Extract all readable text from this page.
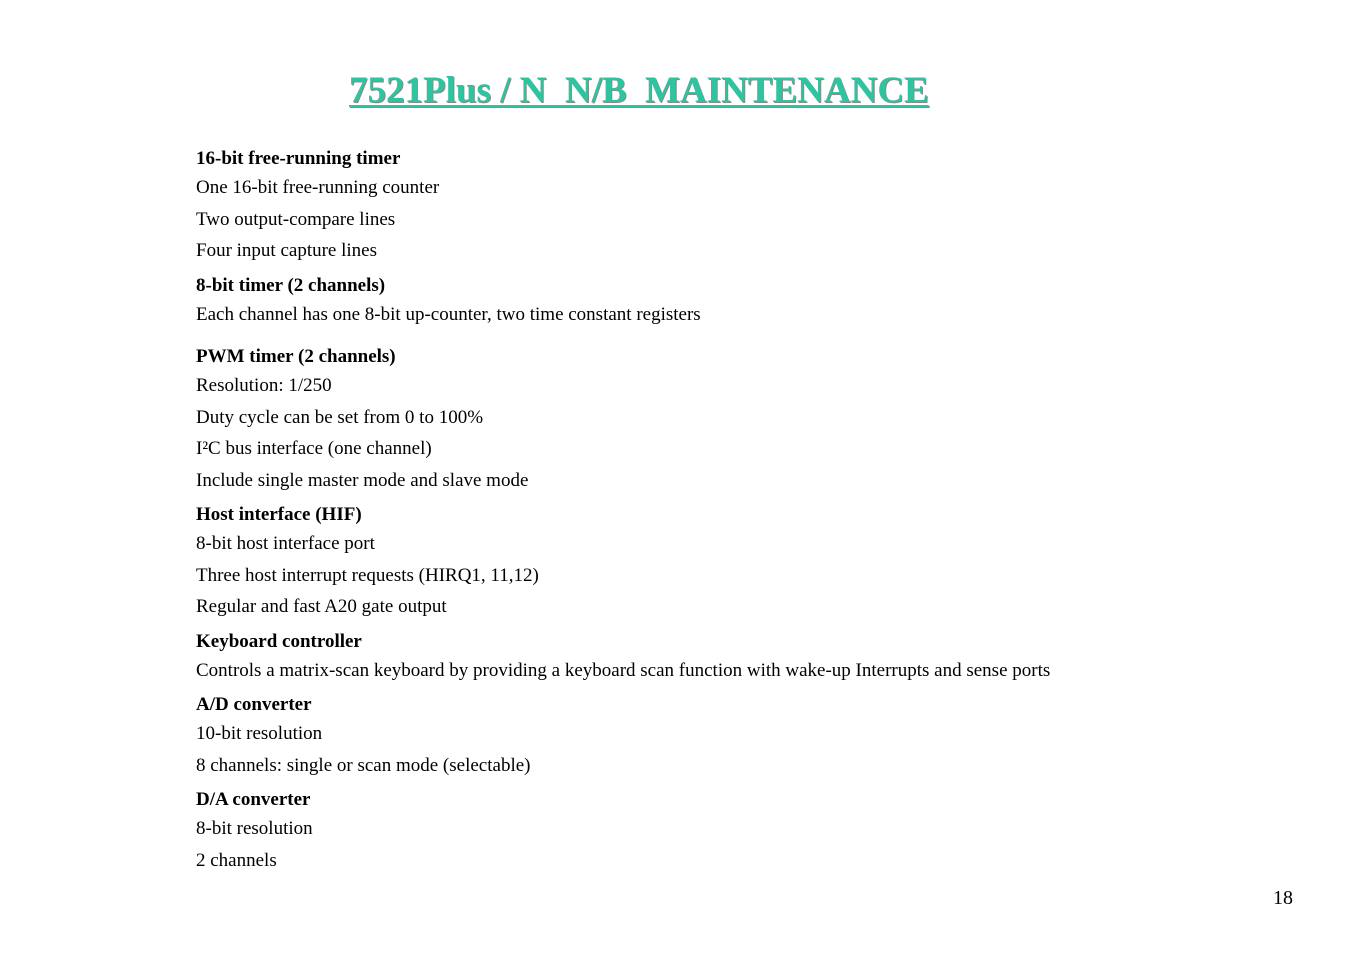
7521Plus / N  N/B  MAINTENANCE
16-bit free-running timer
One 16-bit free-running counter
Two output-compare lines
Four input capture lines
8-bit timer (2 channels)
Each channel has one 8-bit up-counter, two time constant registers
PWM timer (2 channels)
Resolution: 1/250
Duty cycle can be set from 0 to 100%
I²C bus interface (one channel)
Include single master mode and slave mode
Host interface (HIF)
8-bit host interface port
Three host interrupt requests (HIRQ1, 11,12)
Regular and fast A20 gate output
Keyboard controller
Controls a matrix-scan keyboard by providing a keyboard scan function with wake-up Interrupts and sense ports
A/D converter
10-bit resolution
8 channels: single or scan mode (selectable)
D/A converter
8-bit resolution
2 channels
18
